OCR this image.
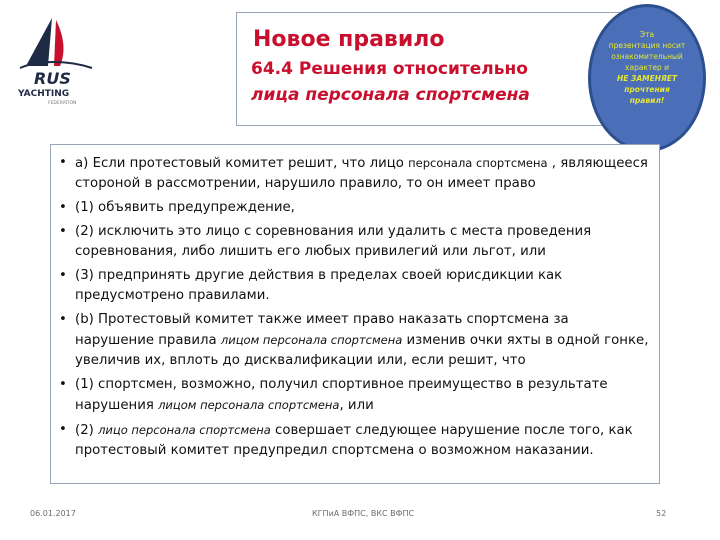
RUS
YACHTING
FEDERATION
Новое правило
64.4 Решения относительно
лица персонала спортсмена
Эта
презентация носит
ознакомительный
характер и
НЕ ЗАМЕНЯЕТ
прочтения
правил!
• a) Если протестовый комитет решит, что лицо персонала спортсмена , являющееся стороной в рассмотрении, нарушило правило, то он имеет право
• (1) объявить предупреждение,
• (2) исключить это лицо с соревнования или удалить с места проведения соревнования, либо лишить его любых привилегий или льгот, или
• (3) предпринять другие действия в пределах своей юрисдикции как предусмотрено правилами.
• (b) Протестовый комитет также имеет право наказать спортсмена за нарушение правила лицом персонала спортсмена изменив очки яхты в одной гонке, увеличив их, вплоть до дисквалификации или, если решит, что
• (1) спортсмен, возможно, получил спортивное преимущество в результате нарушения лицом персонала спортсмена, или
• (2) лицо персонала спортсмена совершает следующее нарушение после того, как протестовый комитет предупредил спортсмена о возможном наказании.
06.01.2017	КГПиА ВФПС, ВКС ВФПС	52
